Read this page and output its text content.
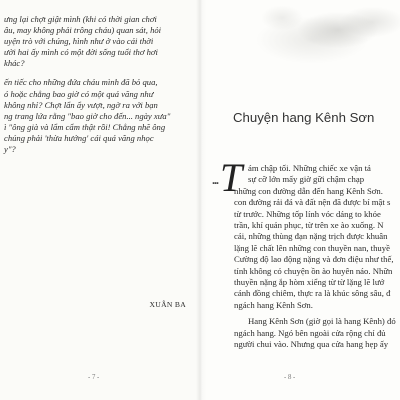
ưng lại chợt giật mình (khi có thời gian chơi
âu, may không phải trông cháu) quan sát, hỏi
uyện trò với chúng, hình như ở vào cái thời
ười hai ấy mình có một đời sống tuổi thơ hơi
khác?
ến tiếc cho những đứa cháu mình đã bỏ qua,
ó hoặc chẳng bao giờ có một quá vãng như
không nhỉ? Chợt lẩn ẩy vượt, ngờ ra với bạn
ng trang lứa rằng "bao giờ cho đến... ngày xưa"
ì "ông già và lẩm cẩm thật rồi! Chẳng nhẽ ông
chúng phải 'thừa hưởng' cái quá vãng nhọc
y"?
XUÂN BA
- 7 -
Chuyện hang Kênh Sơn
... T ám chập tối. Những chiếc xe vận tả
sự cỡ lớn mấy giờ gữi chậm chạp
những con đường dẫn đến hang Kênh Sơn.
con đường rải đá và đất nện đã được bí mật s
từ trước. Những tốp lính vóc dáng to khỏe
trần, khí quản phục, từ trên xe ào xuống. N
cái, những thùng đạn nặng trịch được khuân
lặng lẽ chất lên những con thuyền nan, thuyề
Cường độ lao động nặng và đơn điệu như thế,
tính không có chuyện ồn ào huyên náo. Nhữn
thuyền nặng ắp hòm xiểng từ từ lặng lẽ lướ
cánh đồng chiêm, thực ra là khúc sông sâu, đ
ngách hang Kênh Sơn.
Hang Kênh Sơn (giờ gọi là hang Kênh) đó
ngách hang. Ngó bên ngoài cửa rộng chỉ đủ
người chui vào. Nhưng qua cửa hang hẹp ấy
- 8 -
